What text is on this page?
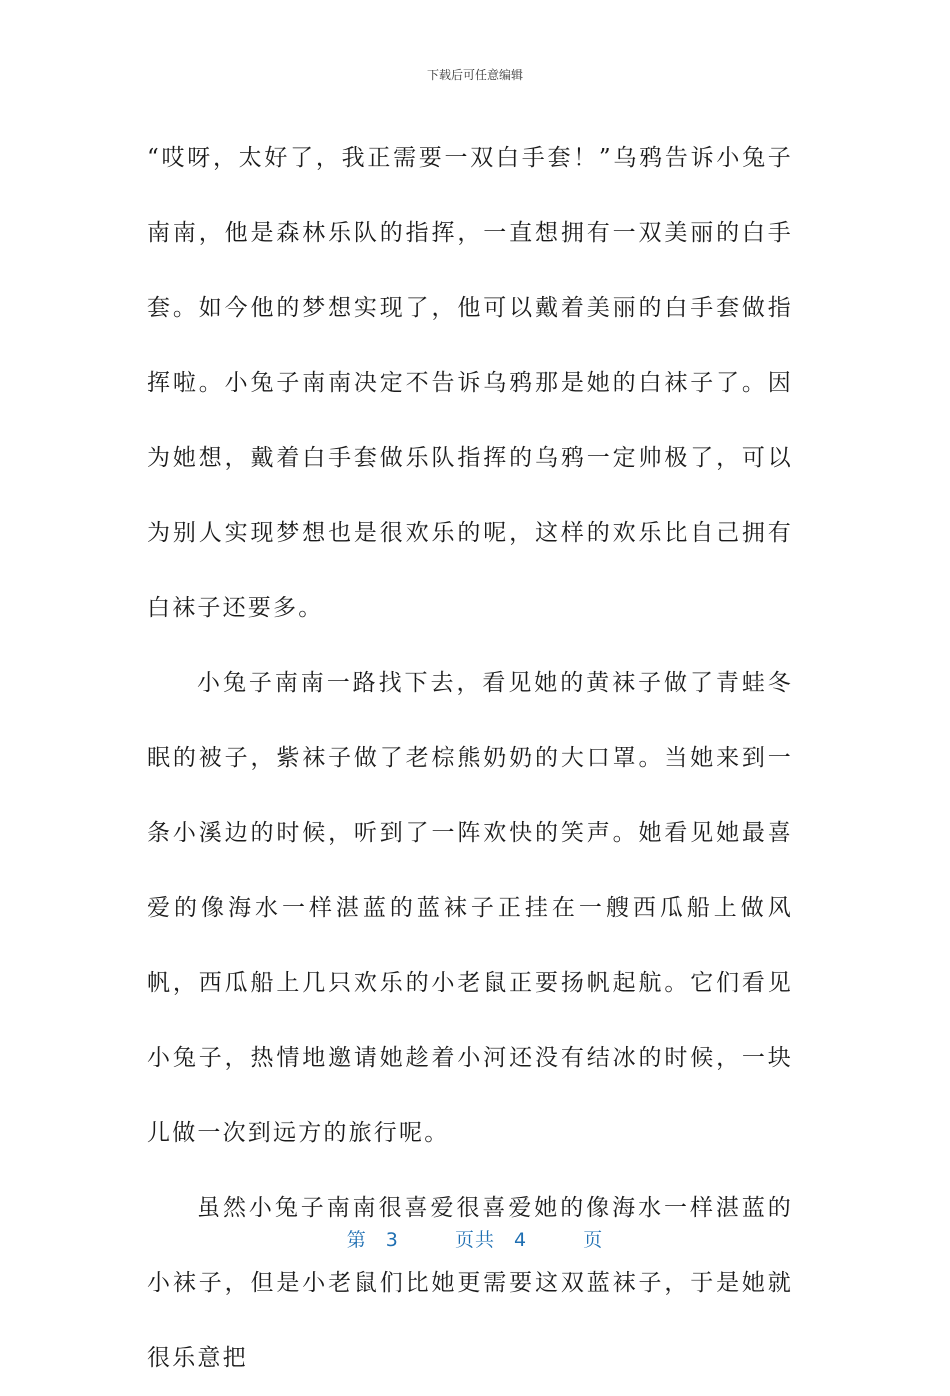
下载后可任意编辑

“哎呀，太好了，我正需要一双白手套！”乌鸦告诉小兔子南南，他是森林乐队的指挥，一直想拥有一双美丽的白手套。如今他的梦想实现了，他可以戴着美丽的白手套做指挥啦。小兔子南南决定不告诉乌鸦那是她的白袜子了。因为她想，戴着白手套做乐队指挥的乌鸦一定帅极了，可以为别人实现梦想也是很欢乐的呢，这样的欢乐比自己拥有白袜子还要多。

小兔子南南一路找下去，看见她的黄袜子做了青蛙冬眠的被子，紫袜子做了老棕熊奶奶的大口罩。当她来到一条小溪边的时候，听到了一阵欢快的笑声。她看见她最喜爱的像海水一样湛蓝的蓝袜子正挂在一艘西瓜船上做风帆，西瓜船上几只欢乐的小老鼠正要扬帆起航。它们看见小兔子，热情地邀请她趁着小河还没有结冰的时候，一块儿做一次到远方的旅行呢。

虽然小兔子南南很喜爱很喜爱她的像海水一样湛蓝的小袜子，但是小老鼠们比她更需要这双蓝袜子，于是她就很乐意把

第 3	页共 4	页
